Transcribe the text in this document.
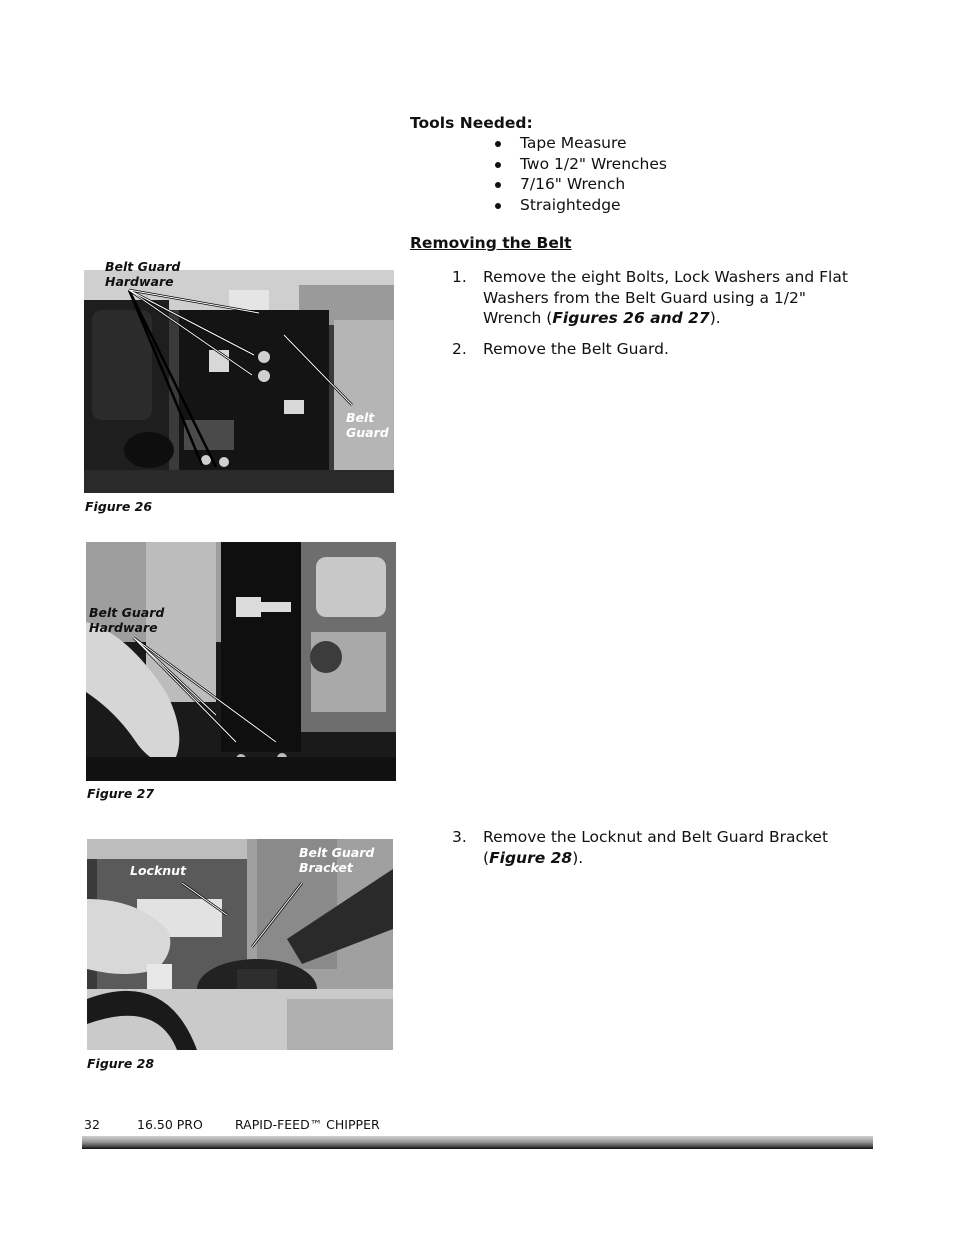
Tools Needed:
Tape Measure
Two 1/2" Wrenches
7/16" Wrench
Straightedge
Removing the Belt
1. Remove the eight Bolts, Lock Washers and Flat Washers from the Belt Guard using a 1/2" Wrench (Figures 26 and 27).
2. Remove the Belt Guard.
3. Remove the Locknut and Belt Guard Bracket (Figure 28).
Belt Guard
Hardware
Belt
Guard
Figure 26
Belt Guard
Hardware
Figure 27
Locknut
Belt Guard
Bracket
Figure 28
32	16.50 PRO	RAPID-FEED™ CHIPPER
